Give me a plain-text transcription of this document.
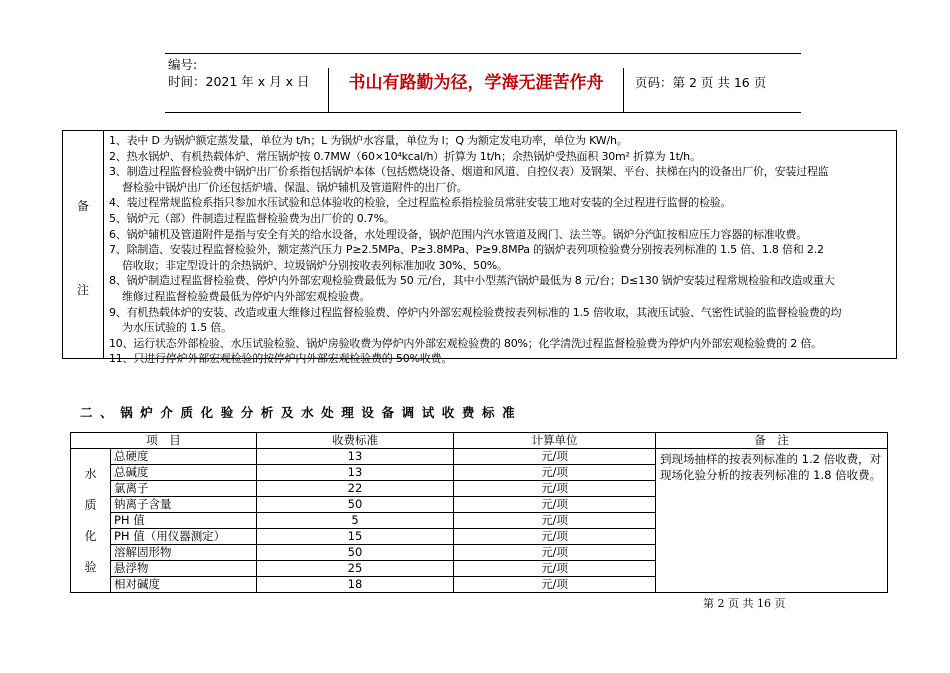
编号:
时间：2021 年 x 月 x 日	书山有路勤为径，学海无涯苦作舟	页码：第 2 页 共 16 页
备
注
1、表中 D 为锅炉额定蒸发量，单位为 t/h；L 为锅炉水容量，单位为 l；Q 为额定发电功率，单位为 KW/h。
2、热水锅炉、有机热载体炉、常压锅炉按 0.7MW（60×10⁴kcal/h）折算为 1t/h；余热锅炉受热面积 30m² 折算为 1t/h。
3、制造过程监督检验费中锅炉出厂价系指包括锅炉本体（包括燃烧设备、烟道和风道、自控仪表）及钢架、平台、扶梯在内的设备出厂价，安装过程监
督检验中锅炉出厂价还包括炉墙、保温、锅炉辅机及管道附件的出厂价。
4、装过程常规监检系指只参加水压试验和总体验收的检验，全过程监检系指检验员常驻安装工地对安装的全过程进行监督的检验。
5、锅炉元（部）件制造过程监督检验费为出厂价的 0.7%。
6、锅炉辅机及管道附件是指与安全有关的给水设备，水处理设备，锅炉范围内汽水管道及阀门、法兰等。锅炉分汽缸按相应压力容器的标准收费。
7、除制造、安装过程监督检验外，额定蒸汽压力 P≥2.5MPa、P≥3.8MPa、P≥9.8MPa 的锅炉表列项检验费分别按表列标准的 1.5 倍、1.8 倍和 2.2
倍收取；非定型设计的余热锅炉、垃圾锅炉分别按收表列标准加收 30%、50%。
8、锅炉制造过程监督检验费、停炉内外部宏观检验费最低为 50 元/台，其中小型蒸汽锅炉最低为 8 元/台；D≤130 锅炉安装过程常规检验和改造或重大
维修过程监督检验费最低为停炉内外部宏观检验费。
9、有机热载体炉的安装、改造或重大维修过程监督检验费、停炉内外部宏观检验费按表列标准的 1.5 倍收取，其液压试验、气密性试验的监督检验费的均
为水压试验的 1.5 倍。
10、运行状态外部检验、水压试验检验、锅炉房验收费为停炉内外部宏观检验费的 80%；化学清洗过程监督检验费为停炉内外部宏观检验费的 2 倍。
11、只进行停炉外部宏观检验的按停炉内外部宏观检验费的 50%收费。
二、锅炉介质化验分析及水处理设备调试收费标准
项　目		收费标准	计算单位	备　注

水
质
化
验	总硬度	13	元/项	到现场抽样的按表列标准的 1.2 倍收费，对现场化验分析的按表列标准的 1.8 倍收费。
	总碱度	13	元/项	
	氯离子	22	元/项	
	钠离子含量	50	元/项	
	PH 值	5	元/项	
	PH 值（用仪器测定）	15	元/项	
	溶解固形物	50	元/项	
	悬浮物	25	元/项	
	相对碱度	18	元/项	
第 2 页 共 16 页
